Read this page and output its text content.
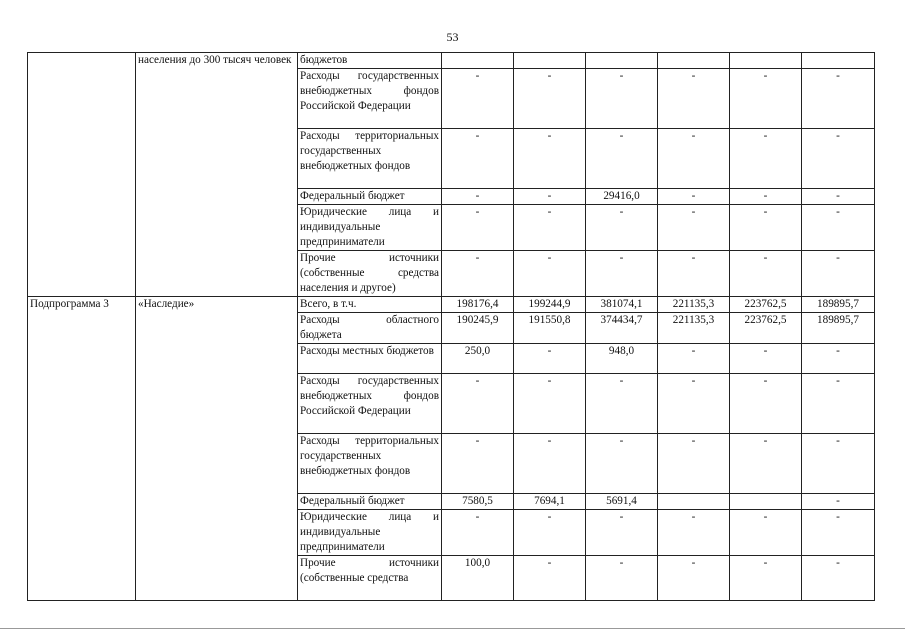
53
	населения до 300 тысяч человек	бюджетов						
		Расходы государственных внебюджетных фондов Российской Федерации	-	-	-	-	-	-
		Расходы территориальных государственных внебюджетных фондов	-	-	-	-	-	-
		Федеральный бюджет	-	-	29416,0	-	-	-
		Юридические лица и индивидуальные предприниматели	-	-	-	-	-	-
		Прочие источники (собственные средства населения и другое)	-	-	-	-	-	-
Подпрограмма 3	«Наследие»	Всего, в т.ч.	198176,4	199244,9	381074,1	221135,3	223762,5	189895,7
		Расходы областного бюджета	190245,9	191550,8	374434,7	221135,3	223762,5	189895,7
		Расходы местных бюджетов	250,0	-	948,0	-	-	-
		Расходы государственных внебюджетных фондов Российской Федерации	-	-	-	-	-	-
		Расходы территориальных государственных внебюджетных фондов	-	-	-	-	-	-
		Федеральный бюджет	7580,5	7694,1	5691,4			-
		Юридические лица и индивидуальные предприниматели	-	-	-	-	-	-
		Прочие источники (собственные средства	100,0	-	-	-	-	-
